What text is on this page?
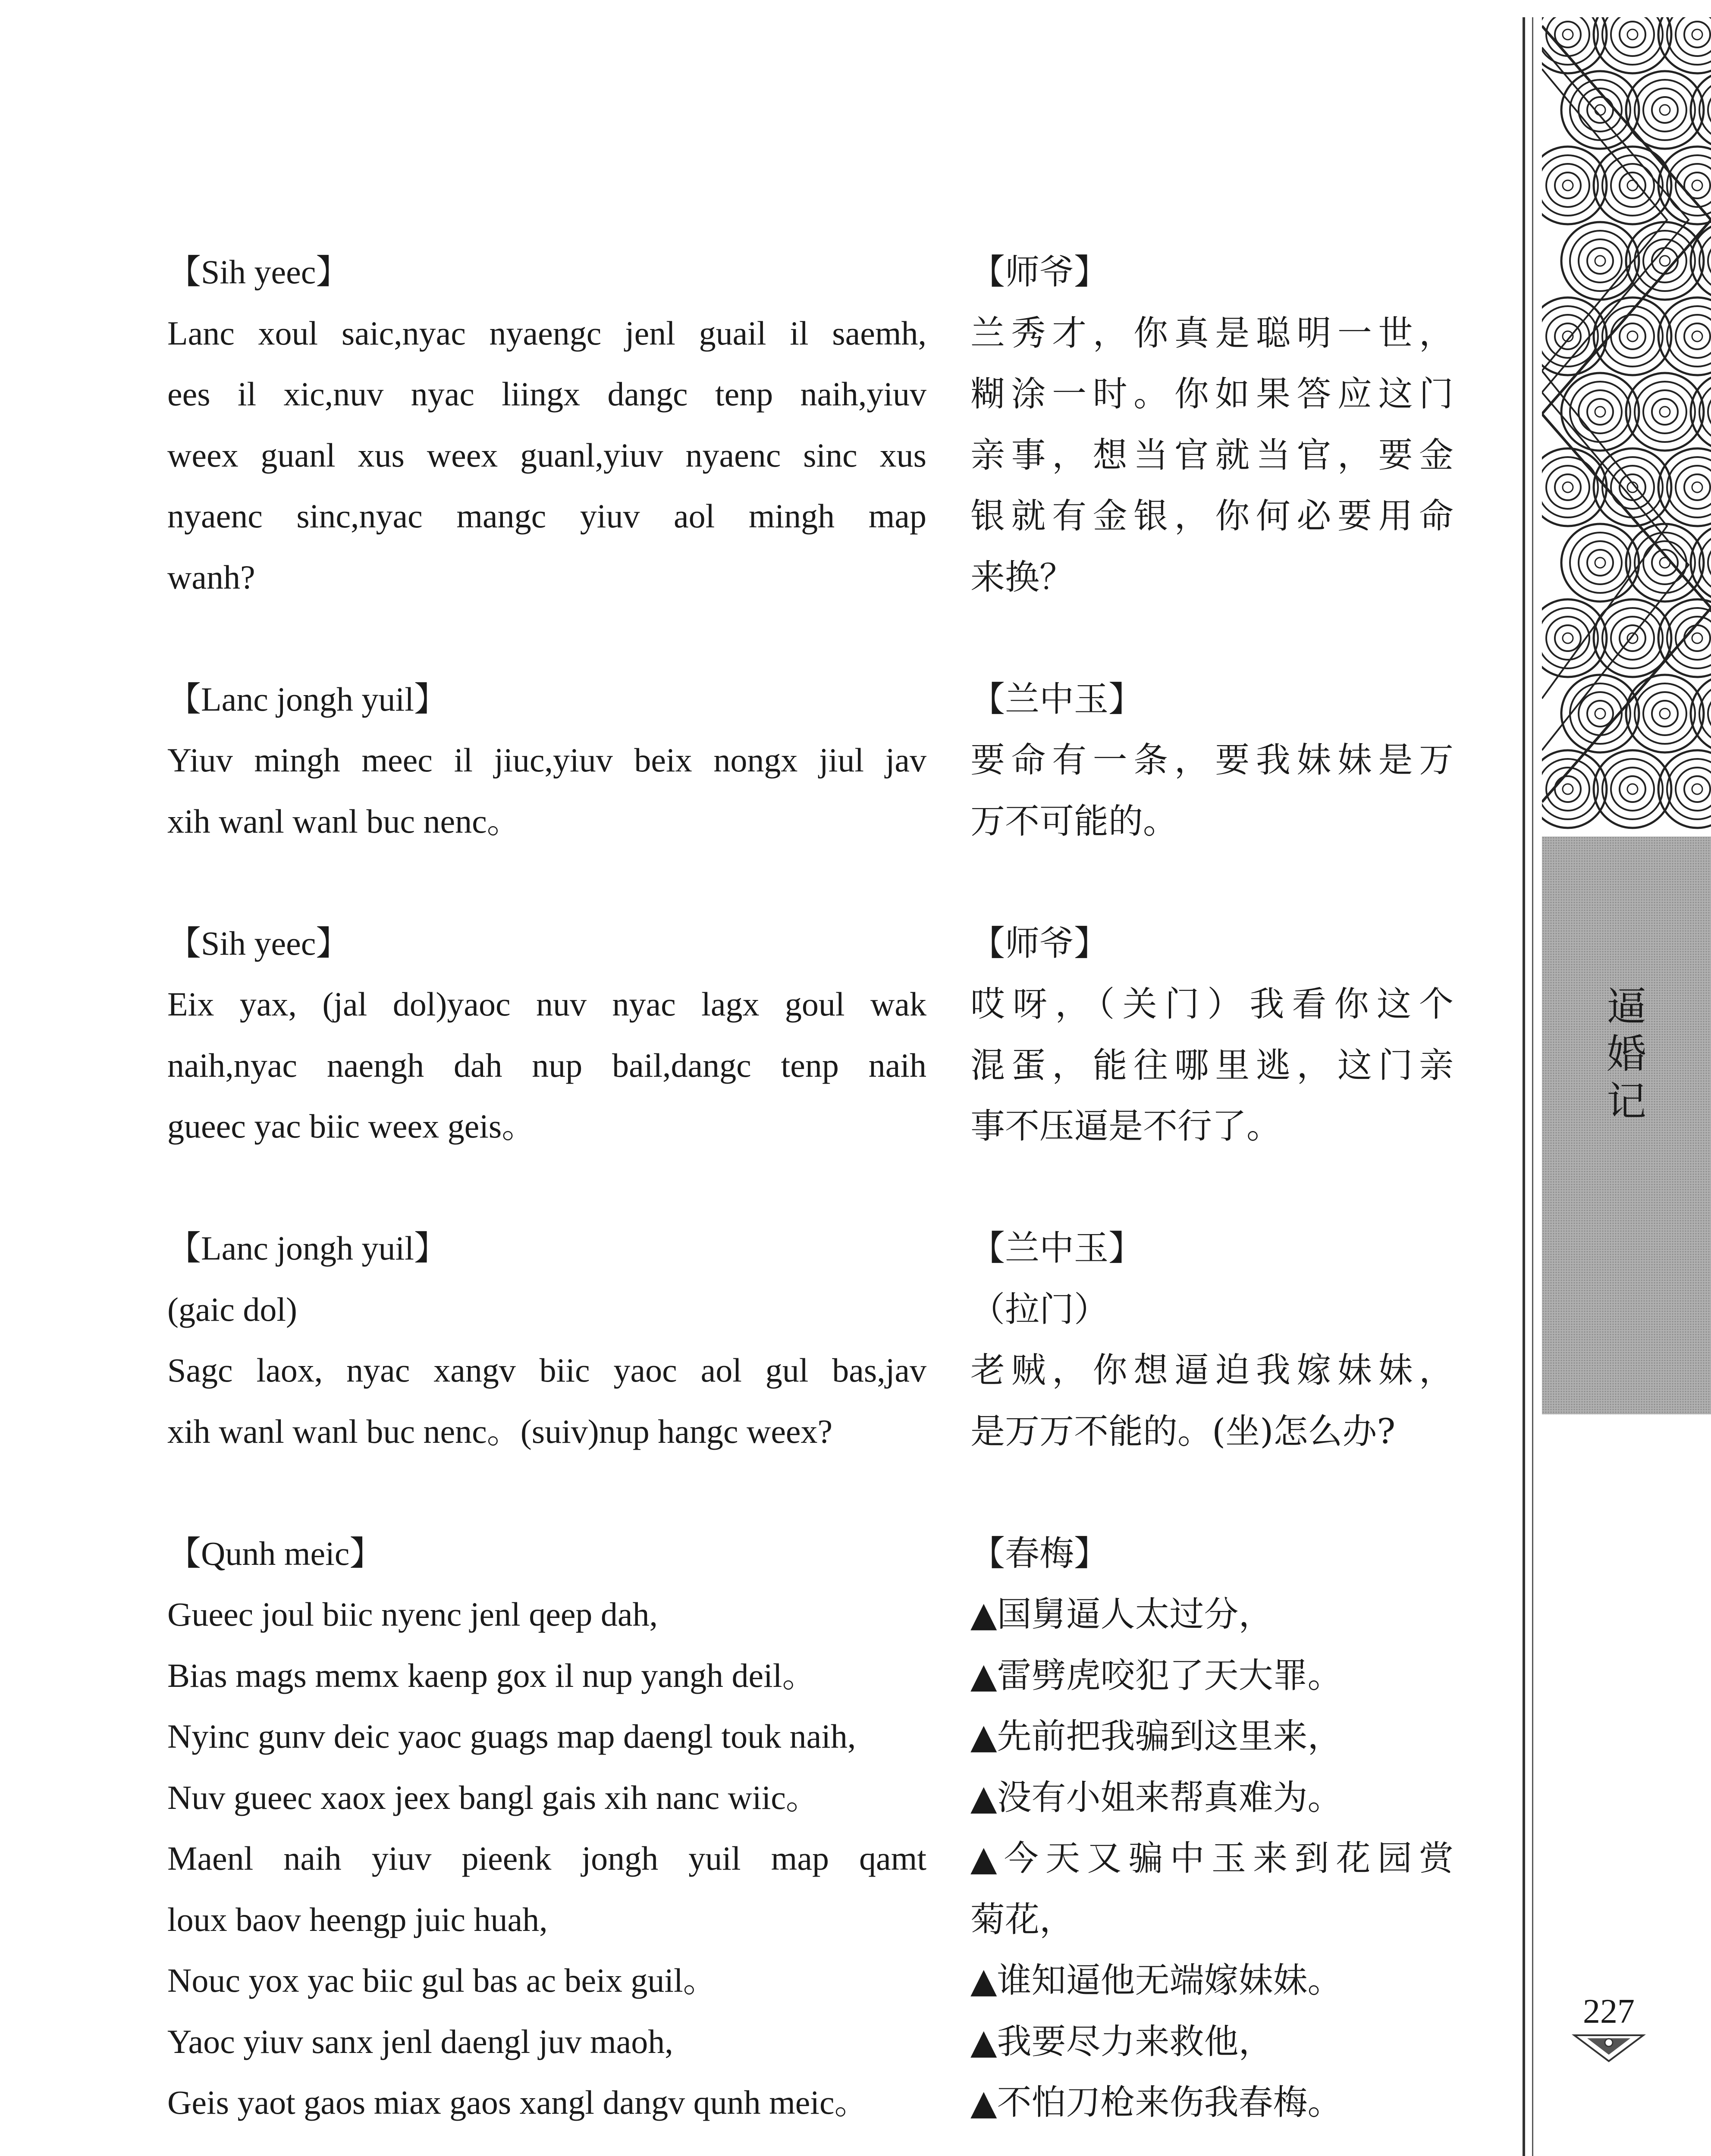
【Sih yeec】
Lanc xoul saic,nyac nyaengc jenl guail il saemh,
ees il xic,nuv nyac liingx dangc tenp naih,yiuv
weex guanl xus weex guanl,yiuv nyaenc sinc xus
nyaenc sinc,nyac mangc yiuv aol mingh map
wanh?
【Lanc jongh yuil】
Yiuv mingh meec il jiuc,yiuv beix nongx jiul jav
xih wanl wanl buc nenc。
【Sih yeec】
Eix yax, (jal dol)yaoc nuv nyac lagx goul wak
naih,nyac naengh dah nup bail,dangc tenp naih
gueec yac biic weex geis。
【Lanc jongh yuil】
(gaic dol)
Sagc laox, nyac xangv biic yaoc aol gul bas,jav
xih wanl wanl buc nenc。(suiv)nup hangc weex?
【Qunh meic】
Gueec joul biic nyenc jenl qeep dah,
Bias mags memx kaenp gox il nup yangh deil。
Nyinc gunv deic yaoc guags map daengl touk naih,
Nuv gueec xaox jeex bangl gais xih nanc wiic。
Maenl naih yiuv pieenk jongh yuil map qamt
loux baov heengp juic huah,
Nouc yox yac biic gul bas ac beix guil。
Yaoc yiuv sanx jenl daengl juv maoh,
Geis yaot gaos miax gaos xangl dangv qunh meic。
【师爷】
兰秀才，你真是聪明一世，
糊涂一时。你如果答应这门
亲事，想当官就当官，要金
银就有金银，你何必要用命
来换？
【兰中玉】
要命有一条，要我妹妹是万
万不可能的。
【师爷】
哎呀，（关门）我看你这个
混蛋，能往哪里逃，这门亲
事不压逼是不行了。
【兰中玉】
（拉门）
老贼，你想逼迫我嫁妹妹，
是万万不能的。(坐)怎么办?
【春梅】
▲国舅逼人太过分，
▲雷劈虎咬犯了天大罪。
▲先前把我骗到这里来，
▲没有小姐来帮真难为。
▲今天又骗中玉来到花园赏
菊花，
▲谁知逼他无端嫁妹妹。
▲我要尽力来救他，
▲不怕刀枪来伤我春梅。
逼
婚
记
227
